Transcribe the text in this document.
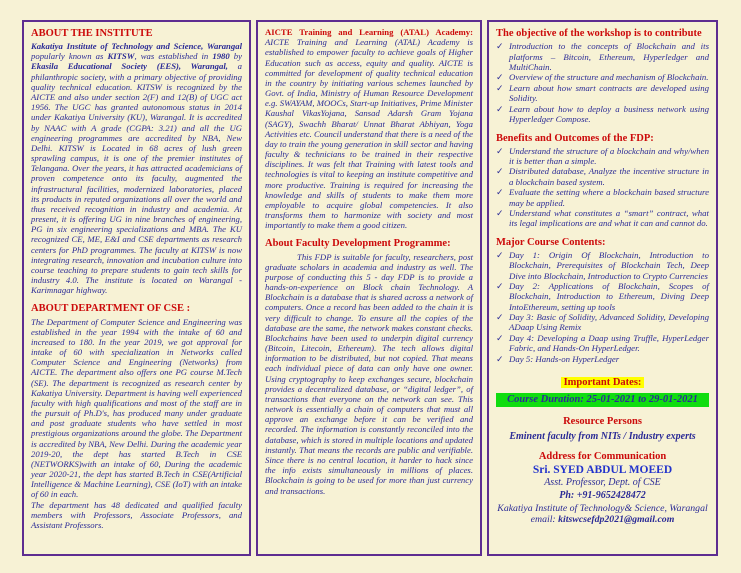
ABOUT THE INSTITUTE

Kakatiya Institute of Technology and Science, Warangal popularly known as KITSW, was established in 1980 by Ekasila Educational Society (EES), Warangal, a philanthropic society, with a primary objective of providing quality technical education. KITSW is recognized by the AICTE and also under section 2(F) and 12(B) of UGC act 1956. The UGC has granted autonomous status in 2014 under Kakatiya University (KU), Warangal. It is accredited by NAAC with A grade (CGPA: 3.21) and all the UG engineering programmes are accredited by NBA, New Delhi. KITSW is Located in 68 acres of lush green sprawling campus, it is one of the premier institutes of Telangana. Over the years, it has attracted academicians of proven competence onto its faculty, augmented the infrastructural facilities, modernized laboratories, placed its products in reputed organizations all over the world and thus received recognition in industry and academia. At present, it is offering UG in nine branches of engineering, PG in six engineering specializations and MBA. The KU recognized CE, ME, E&I and CSE departments as research centers for PhD programmes. The faculty at KITSW is now integrating research, innovation and incubation culture into course teaching to prepare students to gain tech skills for industry 4.0. The institute is located on Warangal - Karimnagar highway.

ABOUT DEPARTMENT OF CSE :

The Department of Computer Science and Engineering was established in the year 1994 with the intake of 60 and increased to 180. In the year 2019, we got approval for intake of 60 with specialization in Networks called Computer Science and Engineering (Networks) from AICTE. The department also offers one PG course M.Tech (SE). The department is recognized as research center by Kakatiya University. Department is having well experienced faculty with high qualifications and most of the staff are in the pursuit of Ph.D's, has produced many under graduate and post graduate students who have settled in most prestigious organizations around the globe. The Department is accredited by NBA, New Delhi. During the academic year 2019-20, the dept has started B.Tech in CSE (NETWORKS)with an intake of 60, During the academic year 2020-21, the dept has started B.Tech in CSE(Artificial Intelligence & Machine Learning), CSE (IoT) with an intake of 60 in each.

The department has 48 dedicated and qualified faculty members with Professors, Associate Professors, and Assistant Professors.

AICTE Training and Learning (ATAL) Academy: AICTE Training and Learning (ATAL) Academy is established to empower faculty to achieve goals of Higher Education such as access, equity and quality. AICTE is committed for development of quality technical education in the country by initiating various schemes launched by Govt. of India, Ministry of Human Resource Development e.g. SWAYAM, MOOCs, Start-up Initiatives, Prime Minister Kaushal VikasYojana, Sansad Adarsh Gram Yojana (SAGY), Swachh Bharat/ Unnat Bharat Abhiyan, Yoga Activities etc. Council understand that there is a need of the day to train the young generation in skill sector and having faculty & technicians to be trained in their respective disciplines. It was felt that Training with latest tools and technologies is vital to keeping an institute competitive and more productive. Training is required for increasing the knowledge and skills of students to make them more employable to acquire global competencies. It also transforms them to harmonize with society and most importantly to make them a good citizen.

About Faculty Development Programme:

This FDP is suitable for faculty, researchers, post graduate scholars in academia and industry as well. The purpose of conducting this 5 - day FDP is to provide a hands-on-experience on Block chain Technology. A Blockchain is a database that is shared across a network of computers. Once a record has been added to the chain it is very difficult to change. To ensure all the copies of the database are the same, the network makes constant checks. Blockchains have been used to underpin digital currency (Bitcoin, Litecoin, Ethereum). The tech allows digital information to be distributed, but not copied. That means each individual piece of data can only have one owner. Using cryptography to keep exchanges secure, blockchain provides a decentralized database, or “digital ledger”, of transactions that everyone on the network can see. This network is essentially a chain of computers that must all approve an exchange before it can be verified and recorded. The information is constantly reconciled into the database, which is stored in multiple locations and updated instantly. That means the records are public and verifiable. Since there is no central location, it harder to hack since the info exists simultaneously in millions of places. Blockchain is going to be used for more than just currency and transactions.

The objective of the workshop is to contribute
✓ Introduction to the concepts of Blockchain and its platforms – Bitcoin, Ethereum, Hyperledger and MultiChain.
✓ Overview of the structure and mechanism of Blockchain.
✓ Learn about how smart contracts are developed using Solidity.
✓ Learn about how to deploy a business network using Hyperledger Compose.
Benefits and Outcomes of the FDP:
✓ Understand the structure of a blockchain and why/when it is better than a simple.
✓ Distributed database, Analyze the incentive structure in a blockchain based system.
✓ Evaluate the setting where a blockchain based structure may be applied.
✓ Understand what constitutes a “smart” contract, what its legal implications are and what it can and cannot do.
Major Course Contents:
✓ Day 1: Origin Of Blockchain, Introduction to Blockchain, Prerequisites of Blockchain Tech, Deep Dive into Blockchain, Introduction to Crypto Currencies
✓ Day 2: Applications of Blockchain, Scopes of Blockchain, Introduction to Ethereum, Diving Deep IntoEthereum, setting up tools
✓ Day 3: Basic of Solidity, Advanced Solidity, Developing ADaap Using Remix
✓ Day 4: Developing a Daap using Truffle, HyperLedger Fabric, and Hands-On HyperLedger.
✓ Day 5: Hands-on HyperLedger
Important Dates:
Course Duration: 25-01-2021 to 29-01-2021
Resource Persons
Eminent faculty from NITs / Industry experts
Address for Communication
Sri. SYED ABDUL MOEED
Asst. Professor, Dept. of CSE
Ph: +91-9652428472
Kakatiya Institute of Technology& Science, Warangal
email: kitswcsefdp2021@gmail.com
